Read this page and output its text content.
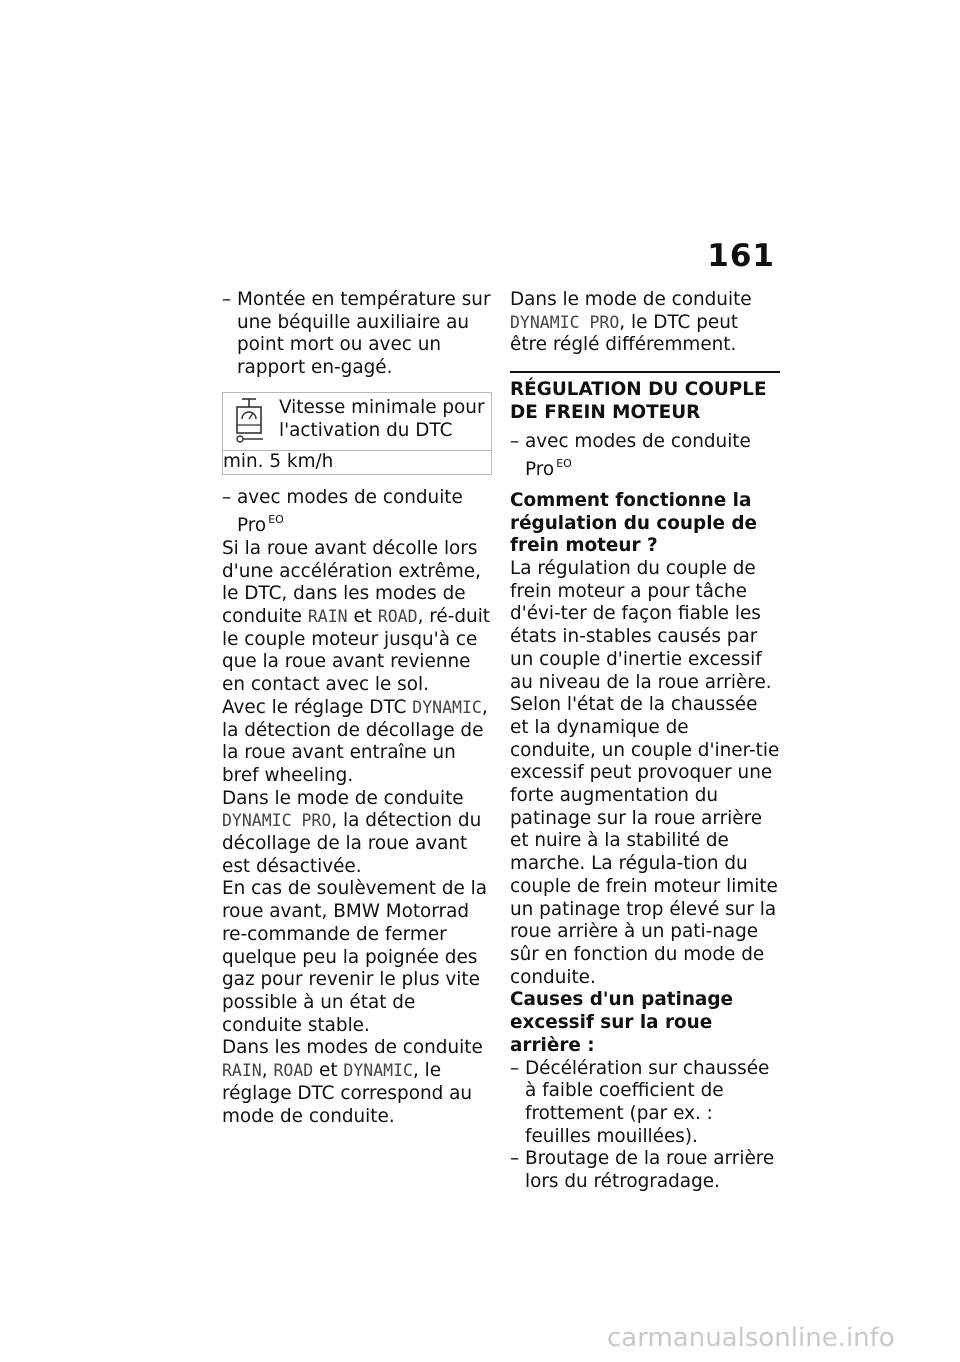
161
– Montée en température sur une béquille auxiliaire au point mort ou avec un rapport en-gagé.
Vitesse minimale pour l'activation du DTC

min. 5 km/h
– avec modes de conduite
Pro $^{EO}$

Si la roue avant décolle lors d'une accélération extrême, le DTC, dans les modes de conduite RAIN et ROAD, ré-duit le couple moteur jusqu'à ce que la roue avant revienne en contact avec le sol.

Avec le réglage DTC DYNAMIC, la détection de décollage de la roue avant entraîne un bref wheeling.

Dans le mode de conduite DYNAMIC PRO, la détection du décollage de la roue avant est désactivée.

En cas de soulèvement de la roue avant, BMW Motorrad re-commande de fermer quelque peu la poignée des gaz pour revenir le plus vite possible à un état de conduite stable.

Dans les modes de conduite RAIN, ROAD et DYNAMIC, le réglage DTC correspond au mode de conduite.

Dans le mode de conduite DYNAMIC PRO, le DTC peut être réglé différemment.

RÉGULATION DU COUPLE DE FREIN MOTEUR
– avec modes de conduite
Pro $^{EO}$

Comment fonctionne la régulation du couple de frein moteur ?

La régulation du couple de frein moteur a pour tâche d'évi-ter de façon fiable les états in-stables causés par un couple d'inertie excessif au niveau de la roue arrière. Selon l'état de la chaussée et la dynamique de conduite, un couple d'iner-tie excessif peut provoquer une forte augmentation du patinage sur la roue arrière et nuire à la stabilité de marche. La régula-tion du couple de frein moteur limite un patinage trop élevé sur la roue arrière à un pati-nage sûr en fonction du mode de conduite.

Causes d'un patinage excessif sur la roue arrière :

– Décélération sur chaussée à faible coefficient de frottement (par ex. : feuilles mouillées).
– Broutage de la roue arrière lors du rétrogradage.
carmanualsonline.info
